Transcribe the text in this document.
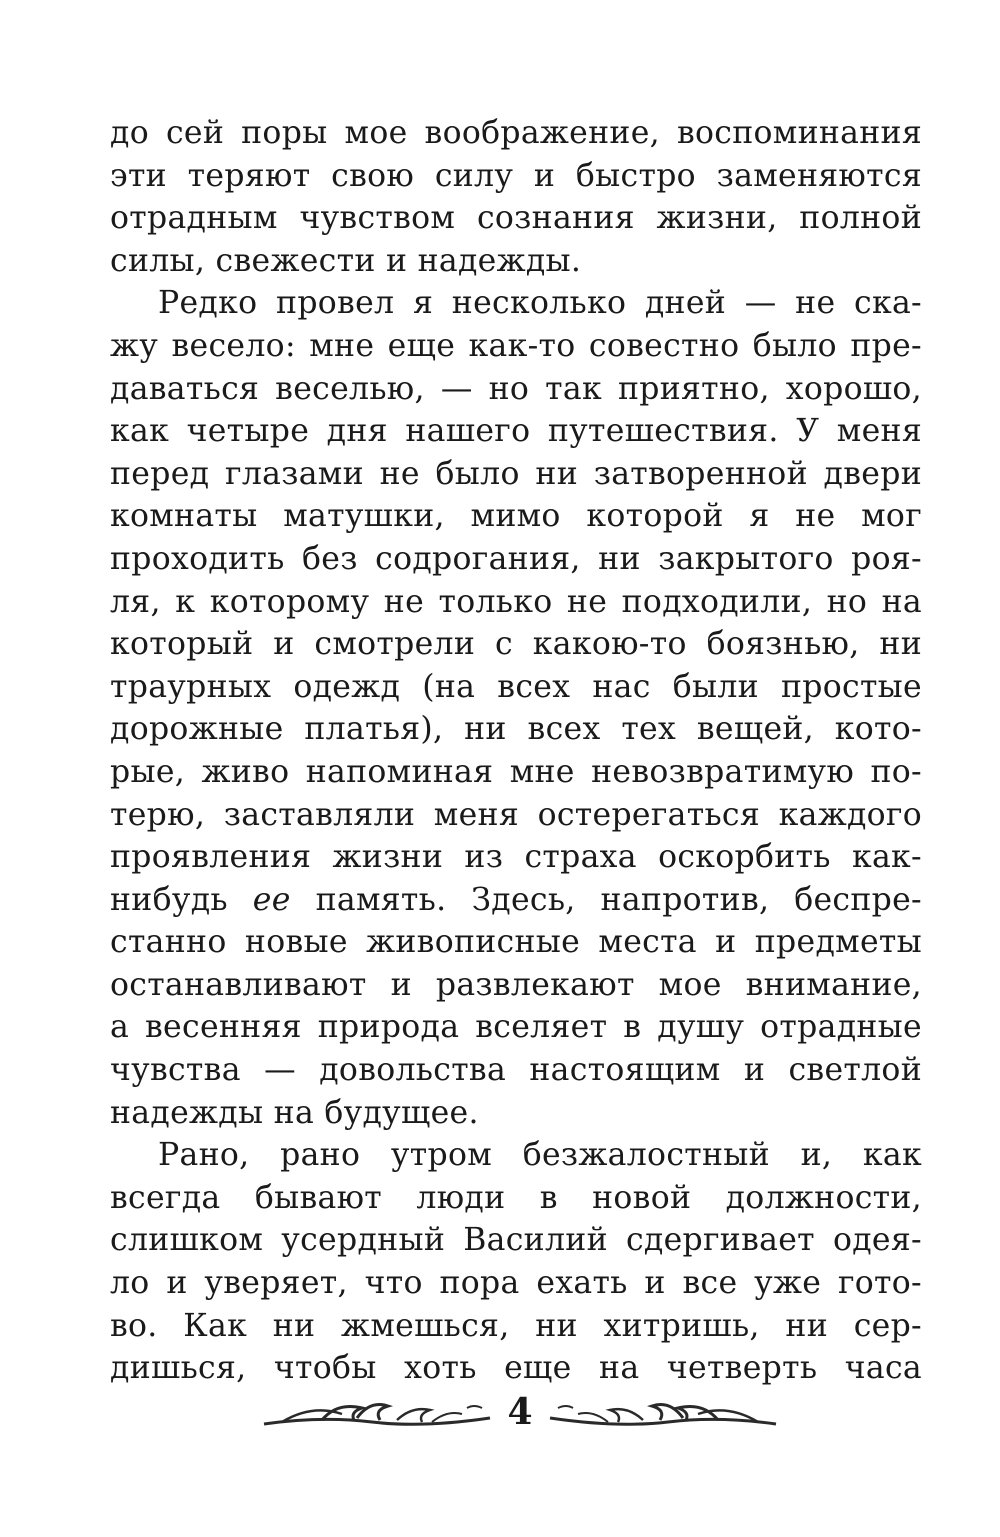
до сей поры мое воображение, воспоминания
эти теряют свою силу и быстро заменяются
отрадным чувством сознания жизни, полной
силы, свежести и надежды.
Редко провел я несколько дней — не ска-
жу весело: мне еще как-то совестно было пре-
даваться веселью, — но так приятно, хорошо,
как четыре дня нашего путешествия. У меня
перед глазами не было ни затворенной двери
комнаты матушки, мимо которой я не мог
проходить без содрогания, ни закрытого роя-
ля, к которому не только не подходили, но на
который и смотрели с какою-то боязнью, ни
траурных одежд (на всех нас были простые
дорожные платья), ни всех тех вещей, кото-
рые, живо напоминая мне невозвратимую по-
терю, заставляли меня остерегаться каждого
проявления жизни из страха оскорбить как-
нибудь ее память. Здесь, напротив, беспре-
станно новые живописные места и предметы
останавливают и развлекают мое внимание,
а весенняя природа вселяет в душу отрадные
чувства — довольства настоящим и светлой
надежды на будущее.
Рано, рано утром безжалостный и, как
всегда бывают люди в новой должности,
слишком усердный Василий сдергивает одея-
ло и уверяет, что пора ехать и все уже гото-
во. Как ни жмешься, ни хитришь, ни сер-
дишься, чтобы хоть еще на четверть часа
4
